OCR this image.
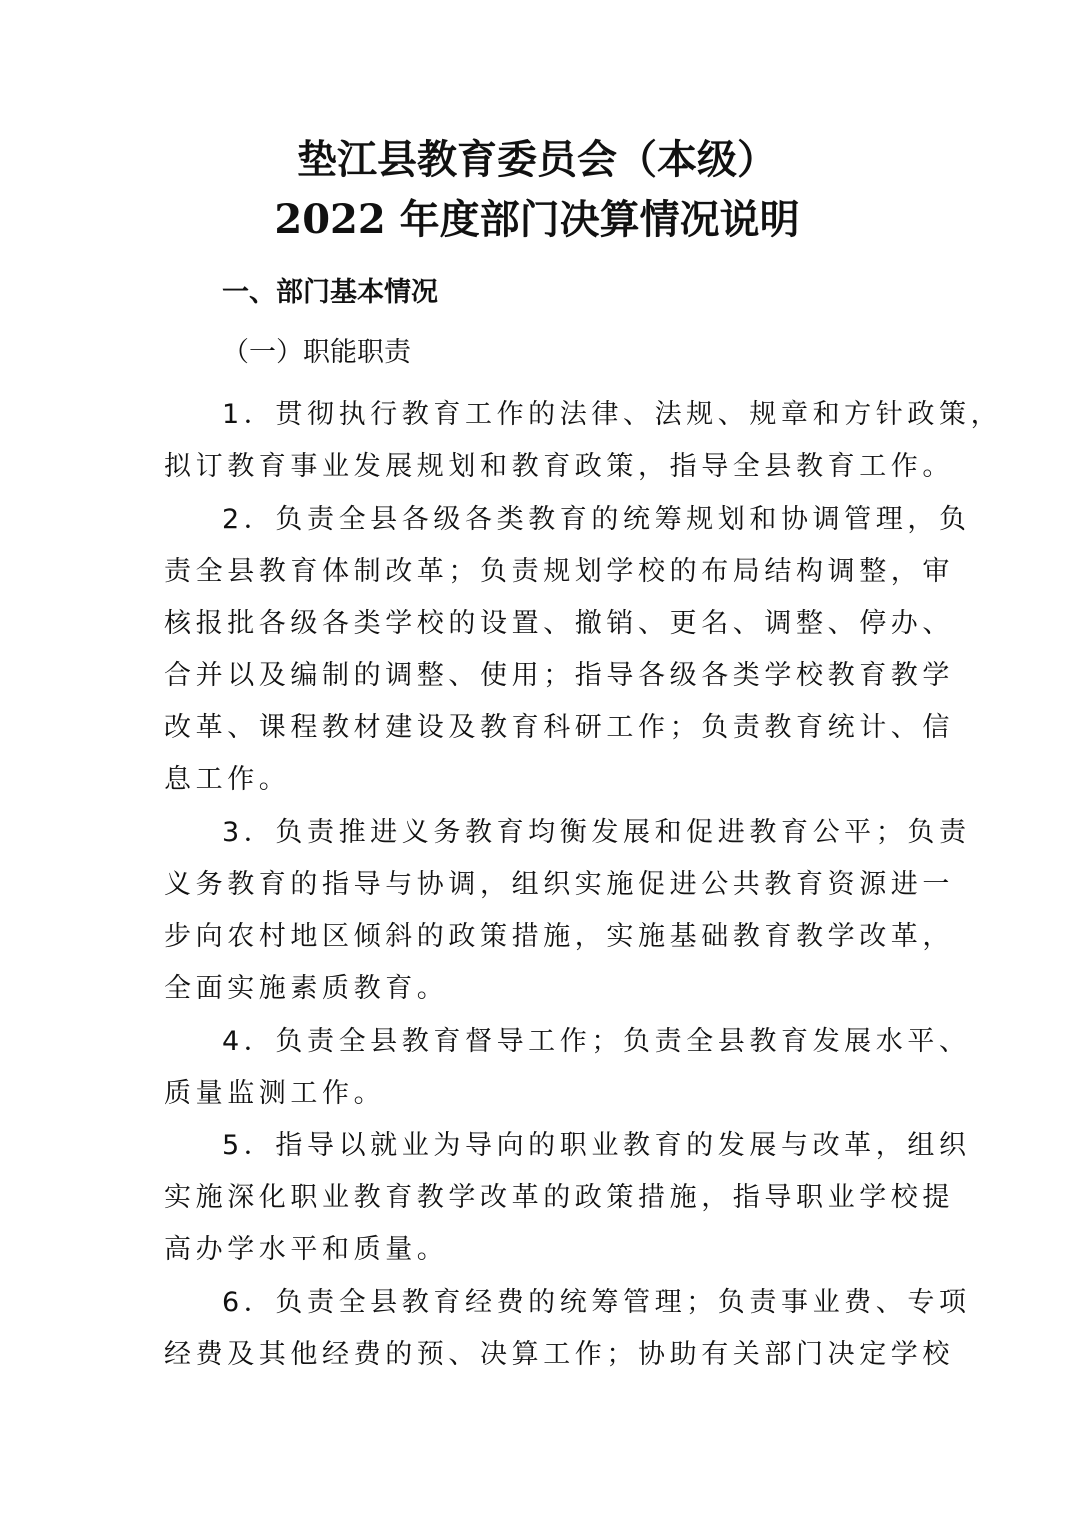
垫江县教育委员会（本级）
2022 年度部门决算情况说明
一、部门基本情况
（一）职能职责
1．贯彻执行教育工作的法律、法规、规章和方针政策，
拟订教育事业发展规划和教育政策，指导全县教育工作。
2．负责全县各级各类教育的统筹规划和协调管理，负
责全县教育体制改革；负责规划学校的布局结构调整，审
核报批各级各类学校的设置、撤销、更名、调整、停办、
合并以及编制的调整、使用；指导各级各类学校教育教学
改革、课程教材建设及教育科研工作；负责教育统计、信
息工作。
3．负责推进义务教育均衡发展和促进教育公平；负责
义务教育的指导与协调，组织实施促进公共教育资源进一
步向农村地区倾斜的政策措施，实施基础教育教学改革，
全面实施素质教育。
4．负责全县教育督导工作；负责全县教育发展水平、
质量监测工作。
5．指导以就业为导向的职业教育的发展与改革，组织
实施深化职业教育教学改革的政策措施，指导职业学校提
高办学水平和质量。
6．负责全县教育经费的统筹管理；负责事业费、专项
经费及其他经费的预、决算工作；协助有关部门决定学校
